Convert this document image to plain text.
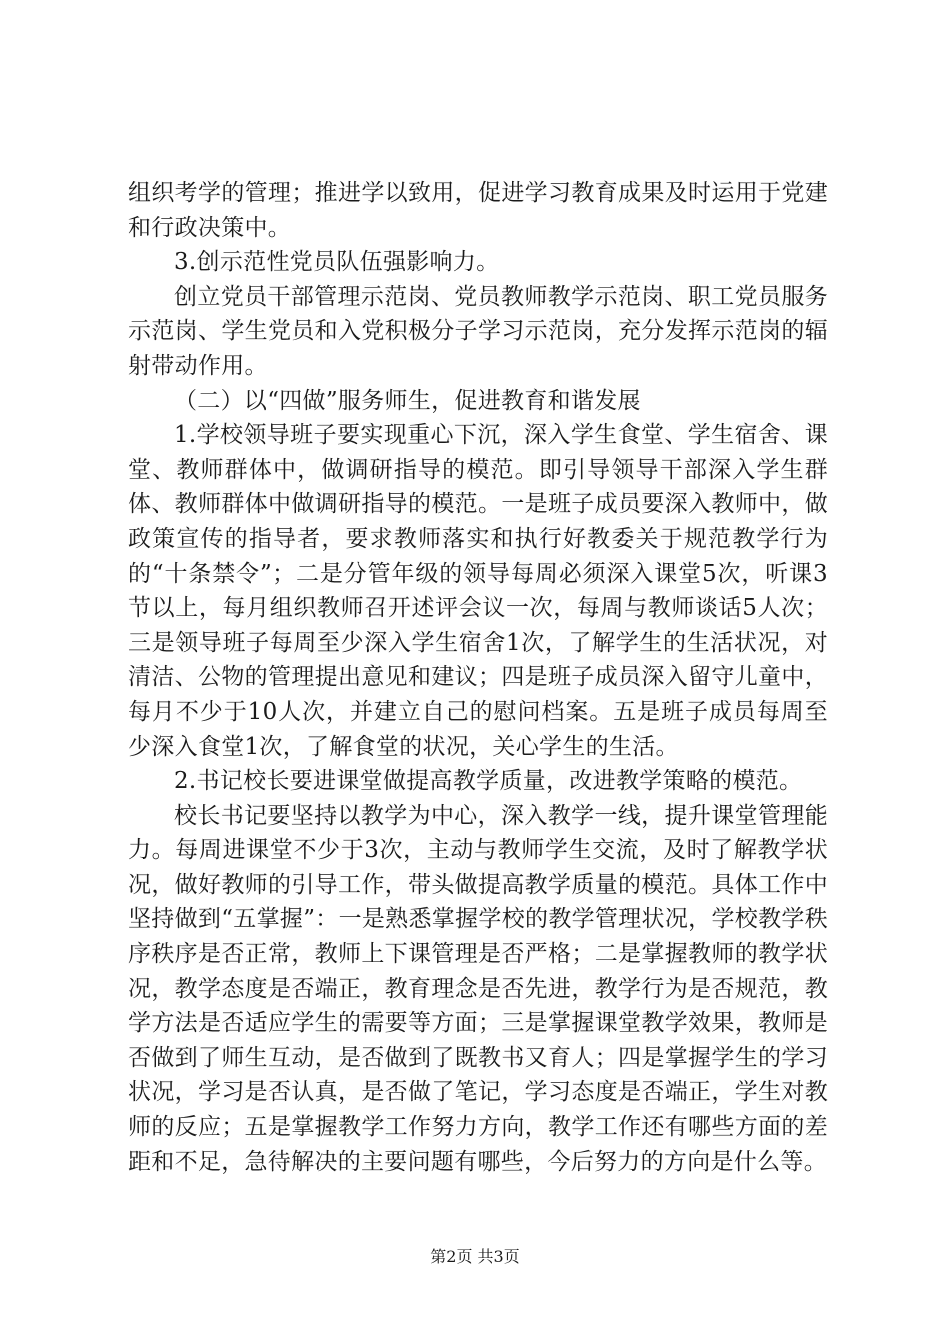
组织考学的管理；推进学以致用，促进学习教育成果及时运用于党建和行政决策中。

3.创示范性党员队伍强影响力。

创立党员干部管理示范岗、党员教师教学示范岗、职工党员服务示范岗、学生党员和入党积极分子学习示范岗，充分发挥示范岗的辐射带动作用。

（二）以“四做”服务师生，促进教育和谐发展

1.学校领导班子要实现重心下沉，深入学生食堂、学生宿舍、课堂、教师群体中，做调研指导的模范。即引导领导干部深入学生群体、教师群体中做调研指导的模范。一是班子成员要深入教师中，做政策宣传的指导者，要求教师落实和执行好教委关于规范教学行为的“十条禁令”；二是分管年级的领导每周必须深入课堂5次，听课3节以上，每月组织教师召开述评会议一次，每周与教师谈话5人次；三是领导班子每周至少深入学生宿舍1次，了解学生的生活状况，对清洁、公物的管理提出意见和建议；四是班子成员深入留守儿童中，每月不少于10人次，并建立自己的慰问档案。五是班子成员每周至少深入食堂1次，了解食堂的状况，关心学生的生活。

2.书记校长要进课堂做提高教学质量，改进教学策略的模范。

校长书记要坚持以教学为中心，深入教学一线，提升课堂管理能力。每周进课堂不少于3次，主动与教师学生交流，及时了解教学状况，做好教师的引导工作，带头做提高教学质量的模范。具体工作中坚持做到“五掌握”：一是熟悉掌握学校的教学管理状况，学校教学秩序秩序是否正常，教师上下课管理是否严格；二是掌握教师的教学状况，教学态度是否端正，教育理念是否先进，教学行为是否规范，教学方法是否适应学生的需要等方面；三是掌握课堂教学效果，教师是否做到了师生互动，是否做到了既教书又育人；四是掌握学生的学习状况，学习是否认真，是否做了笔记，学习态度是否端正，学生对教师的反应；五是掌握教学工作努力方向，教学工作还有哪些方面的差距和不足，急待解决的主要问题有哪些，今后努力的方向是什么等。

第2页 共3页
